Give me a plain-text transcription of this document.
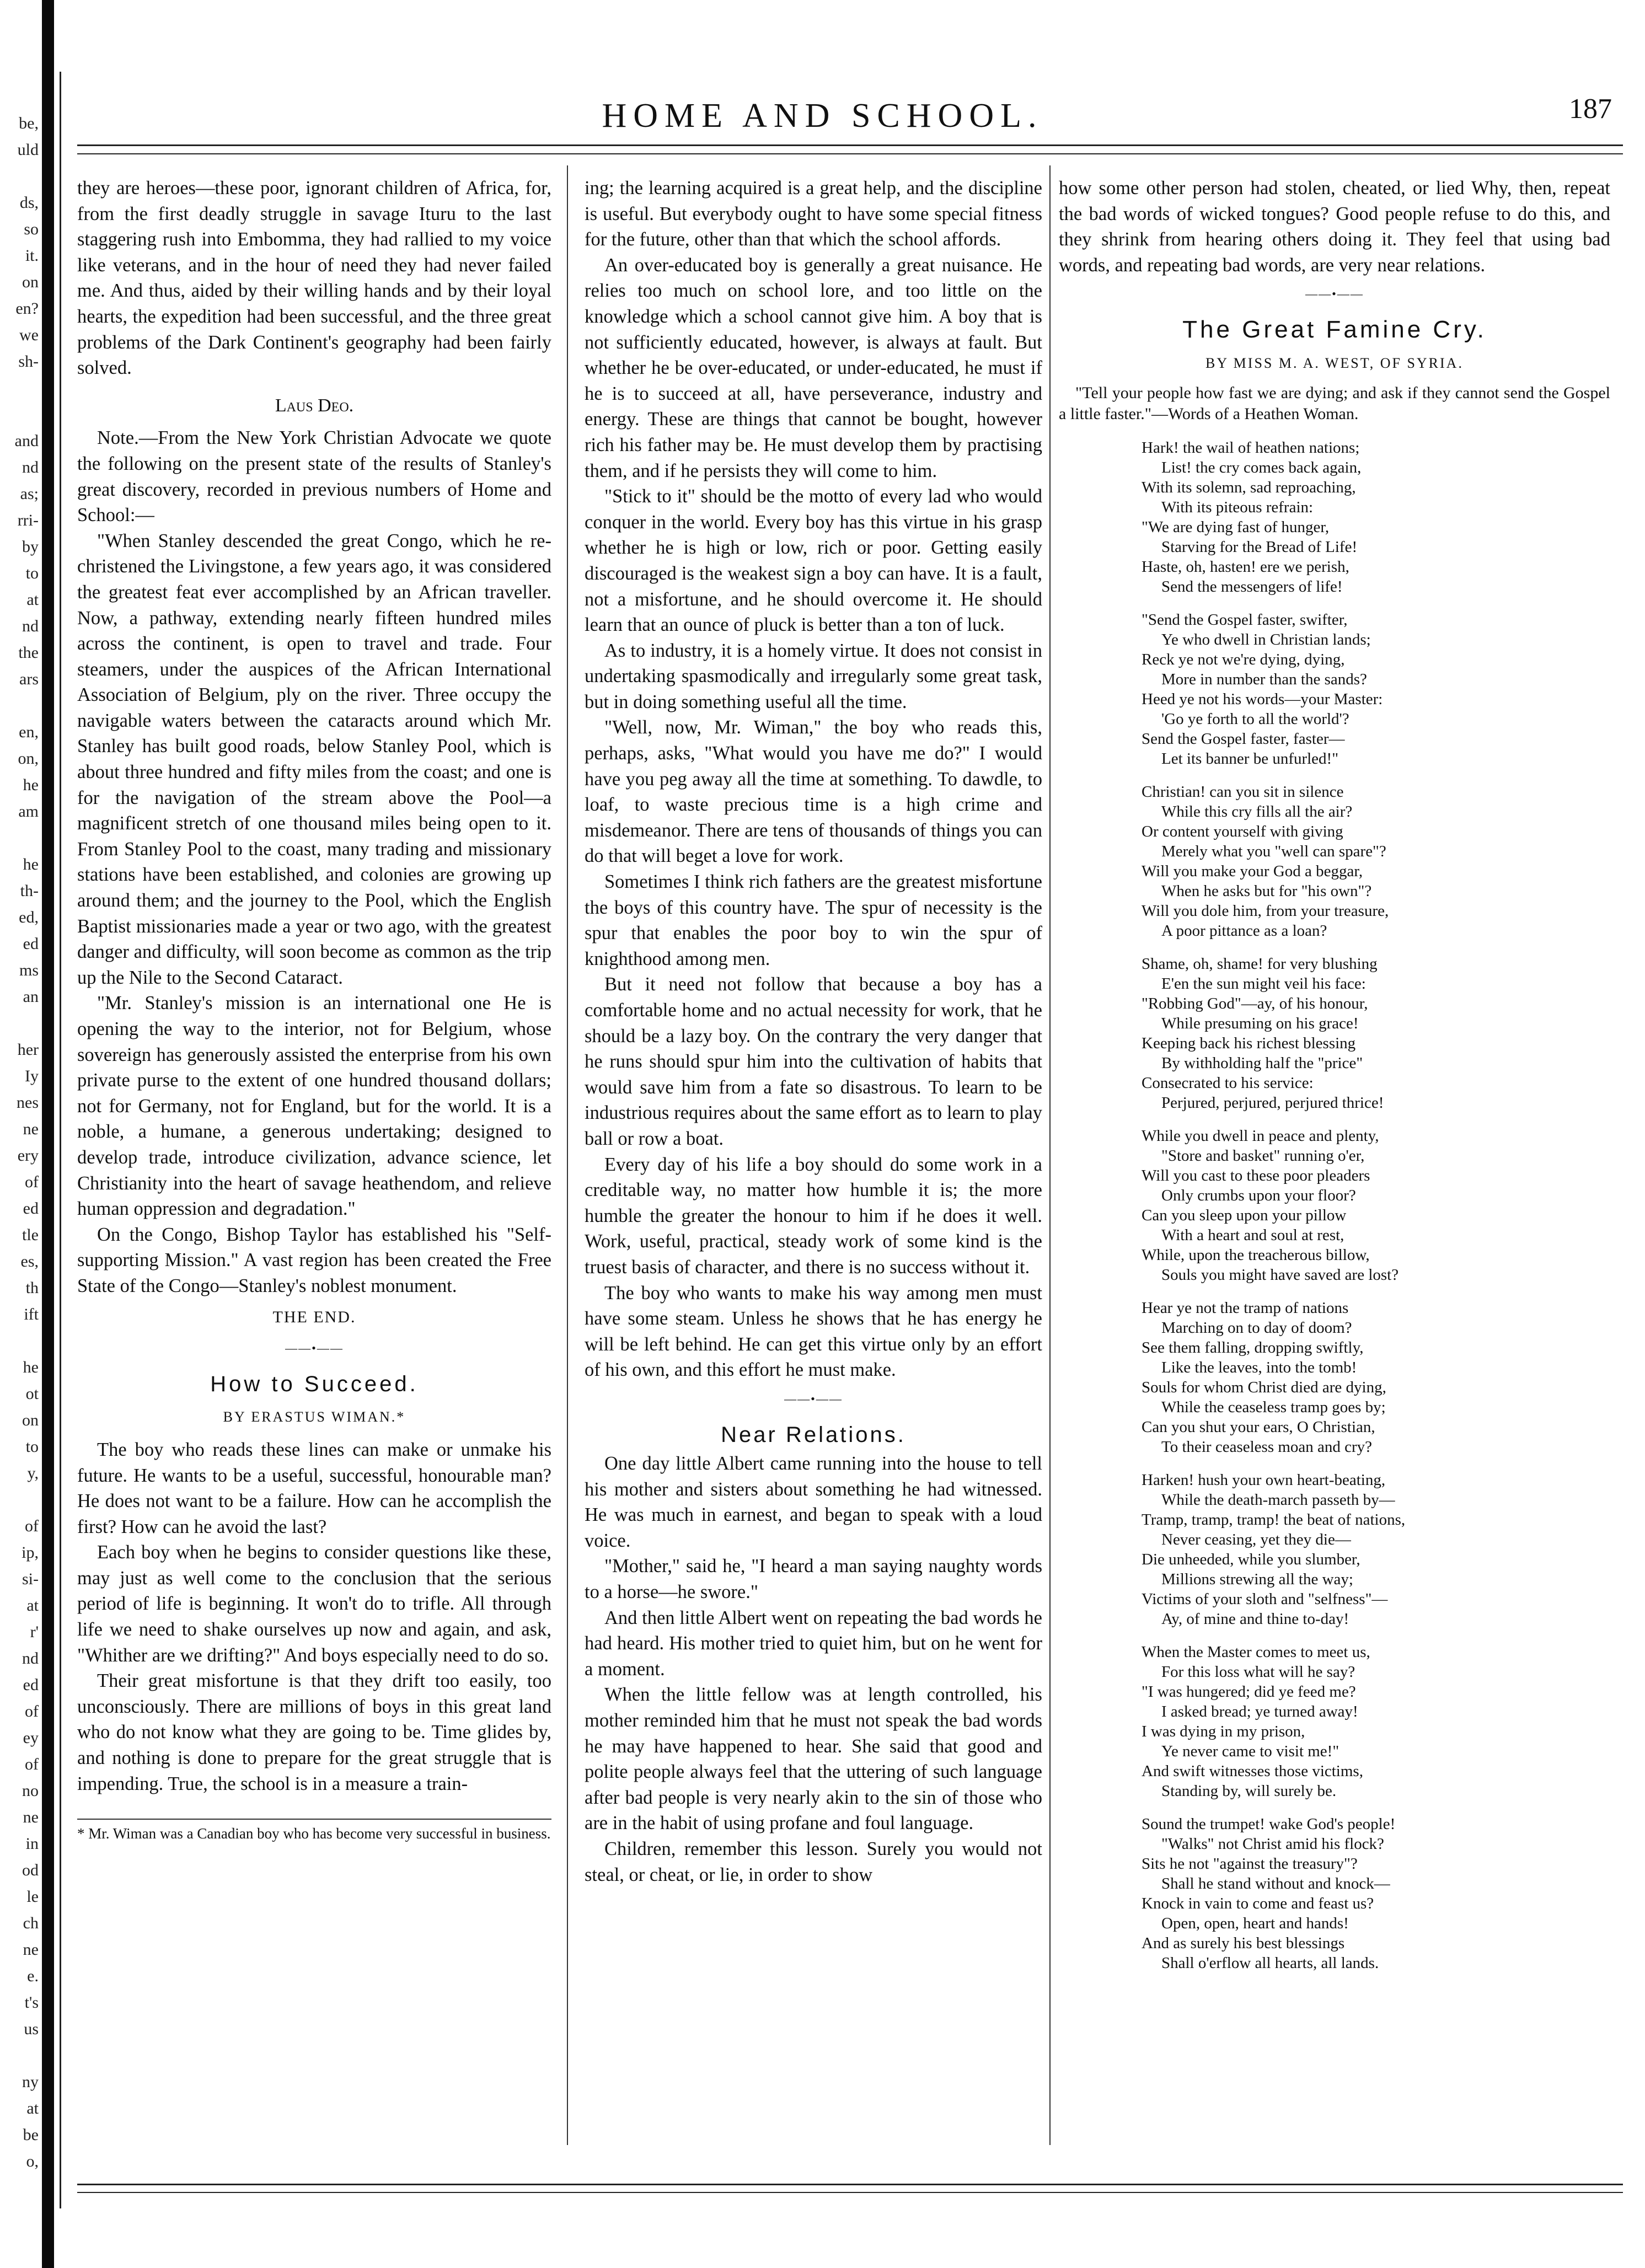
be,
uld
ds,
so
it.
on
en?
we
sh-
and
nd
as;
rri-
by
to
at
nd
the
ars
en,
on,
he
am
he
th-
ed,
ed
ms
an
her
Iy
nes
ne
ery
of
ed
tle
es,
th
ift
he
ot
on
to
y,
of
ip,
si-
at
r'
nd
ed
of
ey
of
no
ne
in
od
le
ch
ne
e.
t's
us
ny
at
be
o,
HOME AND SCHOOL.	187

they are heroes—these poor, ignorant children of Africa, for, from the first deadly struggle in savage Ituru to the last staggering rush into Embomma, they had rallied to my voice like veterans, and in the hour of need they had never failed me. And thus, aided by their willing hands and by their loyal hearts, the expedition had been successful, and the three great problems of the Dark Continent's geography had been fairly solved.

Laus Deo.

Note.—From the New York Christian Advocate we quote the following on the present state of the results of Stanley's great discovery, recorded in previous numbers of Home and School:—

"When Stanley descended the great Congo, which he re-christened the Livingstone, a few years ago, it was considered the greatest feat ever accomplished by an African traveller. Now, a pathway, extending nearly fifteen hundred miles across the continent, is open to travel and trade. Four steamers, under the auspices of the African International Association of Belgium, ply on the river. Three occupy the navigable waters between the cataracts around which Mr. Stanley has built good roads, below Stanley Pool, which is about three hundred and fifty miles from the coast; and one is for the navigation of the stream above the Pool—a magnificent stretch of one thousand miles being open to it. From Stanley Pool to the coast, many trading and missionary stations have been established, and colonies are growing up around them; and the journey to the Pool, which the English Baptist missionaries made a year or two ago, with the greatest danger and difficulty, will soon become as common as the trip up the Nile to the Second Cataract.

"Mr. Stanley's mission is an international one He is opening the way to the interior, not for Belgium, whose sovereign has generously assisted the enterprise from his own private purse to the extent of one hundred thousand dollars; not for Germany, not for England, but for the world. It is a noble, a humane, a generous undertaking; designed to develop trade, introduce civilization, advance science, let Christianity into the heart of savage heathendom, and relieve human oppression and degradation."

On the Congo, Bishop Taylor has established his "Self-supporting Mission." A vast region has been created the Free State of the Congo—Stanley's noblest monument.

THE END.
——•——
How to Succeed.
BY ERASTUS WIMAN.*

The boy who reads these lines can make or unmake his future. He wants to be a useful, successful, honourable man? He does not want to be a failure. How can he accomplish the first? How can he avoid the last?

Each boy when he begins to consider questions like these, may just as well come to the conclusion that the serious period of life is beginning. It won't do to trifle. All through life we need to shake ourselves up now and again, and ask, "Whither are we drifting?" And boys especially need to do so.

Their great misfortune is that they drift too easily, too unconsciously. There are millions of boys in this great land who do not know what they are going to be. Time glides by, and nothing is done to prepare for the great struggle that is impending. True, the school is in a measure a train-

* Mr. Wiman was a Canadian boy who has become very successful in business.

ing; the learning acquired is a great help, and the discipline is useful. But everybody ought to have some special fitness for the future, other than that which the school affords.

An over-educated boy is generally a great nuisance. He relies too much on school lore, and too little on the knowledge which a school cannot give him. A boy that is not sufficiently educated, however, is always at fault. But whether he be over-educated, or under-educated, he must if he is to succeed at all, have perseverance, industry and energy. These are things that cannot be bought, however rich his father may be. He must develop them by practising them, and if he persists they will come to him.

"Stick to it" should be the motto of every lad who would conquer in the world. Every boy has this virtue in his grasp whether he is high or low, rich or poor. Getting easily discouraged is the weakest sign a boy can have. It is a fault, not a misfortune, and he should overcome it. He should learn that an ounce of pluck is better than a ton of luck.

As to industry, it is a homely virtue. It does not consist in undertaking spasmodically and irregularly some great task, but in doing something useful all the time.

"Well, now, Mr. Wiman," the boy who reads this, perhaps, asks, "What would you have me do?" I would have you peg away all the time at something. To dawdle, to loaf, to waste precious time is a high crime and misdemeanor. There are tens of thousands of things you can do that will beget a love for work.

Sometimes I think rich fathers are the greatest misfortune the boys of this country have. The spur of necessity is the spur that enables the poor boy to win the spur of knighthood among men.

But it need not follow that because a boy has a comfortable home and no actual necessity for work, that he should be a lazy boy. On the contrary the very danger that he runs should spur him into the cultivation of habits that would save him from a fate so disastrous. To learn to be industrious requires about the same effort as to learn to play ball or row a boat.

Every day of his life a boy should do some work in a creditable way, no matter how humble it is; the more humble the greater the honour to him if he does it well. Work, useful, practical, steady work of some kind is the truest basis of character, and there is no success without it.

The boy who wants to make his way among men must have some steam. Unless he shows that he has energy he will be left behind. He can get this virtue only by an effort of his own, and this effort he must make.

——•——
Near Relations.

One day little Albert came running into the house to tell his mother and sisters about something he had witnessed. He was much in earnest, and began to speak with a loud voice.

"Mother," said he, "I heard a man saying naughty words to a horse—he swore."

And then little Albert went on repeating the bad words he had heard. His mother tried to quiet him, but on he went for a moment.

When the little fellow was at length controlled, his mother reminded him that he must not speak the bad words he may have happened to hear. She said that good and polite people always feel that the uttering of such language after bad people is very nearly akin to the sin of those who are in the habit of using profane and foul language.

Children, remember this lesson. Surely you would not steal, or cheat, or lie, in order to show

how some other person had stolen, cheated, or lied Why, then, repeat the bad words of wicked tongues? Good people refuse to do this, and they shrink from hearing others doing it. They feel that using bad words, and repeating bad words, are very near relations.

——•——
The Great Famine Cry.
BY MISS M. A. WEST, OF SYRIA.
"Tell your people how fast we are dying; and ask if they cannot send the Gospel a little faster."—Words of a Heathen Woman.
Hark! the wail of heathen nations;
List! the cry comes back again,
With its solemn, sad reproaching,
With its piteous refrain:
"We are dying fast of hunger,
Starving for the Bread of Life!
Haste, oh, hasten! ere we perish,
Send the messengers of life!
"Send the Gospel faster, swifter,
Ye who dwell in Christian lands;
Reck ye not we're dying, dying,
More in number than the sands?
Heed ye not his words—your Master:
'Go ye forth to all the world'?
Send the Gospel faster, faster—
Let its banner be unfurled!"
Christian! can you sit in silence
While this cry fills all the air?
Or content yourself with giving
Merely what you "well can spare"?
Will you make your God a beggar,
When he asks but for "his own"?
Will you dole him, from your treasure,
A poor pittance as a loan?
Shame, oh, shame! for very blushing
E'en the sun might veil his face:
"Robbing God"—ay, of his honour,
While presuming on his grace!
Keeping back his richest blessing
By withholding half the "price"
Consecrated to his service:
Perjured, perjured, perjured thrice!
While you dwell in peace and plenty,
"Store and basket" running o'er,
Will you cast to these poor pleaders
Only crumbs upon your floor?
Can you sleep upon your pillow
With a heart and soul at rest,
While, upon the treacherous billow,
Souls you might have saved are lost?
Hear ye not the tramp of nations
Marching on to day of doom?
See them falling, dropping swiftly,
Like the leaves, into the tomb!
Souls for whom Christ died are dying,
While the ceaseless tramp goes by;
Can you shut your ears, O Christian,
To their ceaseless moan and cry?
Harken! hush your own heart-beating,
While the death-march passeth by—
Tramp, tramp, tramp! the beat of nations,
Never ceasing, yet they die—
Die unheeded, while you slumber,
Millions strewing all the way;
Victims of your sloth and "selfness"—
Ay, of mine and thine to-day!
When the Master comes to meet us,
For this loss what will he say?
"I was hungered; did ye feed me?
I asked bread; ye turned away!
I was dying in my prison,
Ye never came to visit me!"
And swift witnesses those victims,
Standing by, will surely be.
Sound the trumpet! wake God's people!
"Walks" not Christ amid his flock?
Sits he not "against the treasury"?
Shall he stand without and knock—
Knock in vain to come and feast us?
Open, open, heart and hands!
And as surely his best blessings
Shall o'erflow all hearts, all lands.
